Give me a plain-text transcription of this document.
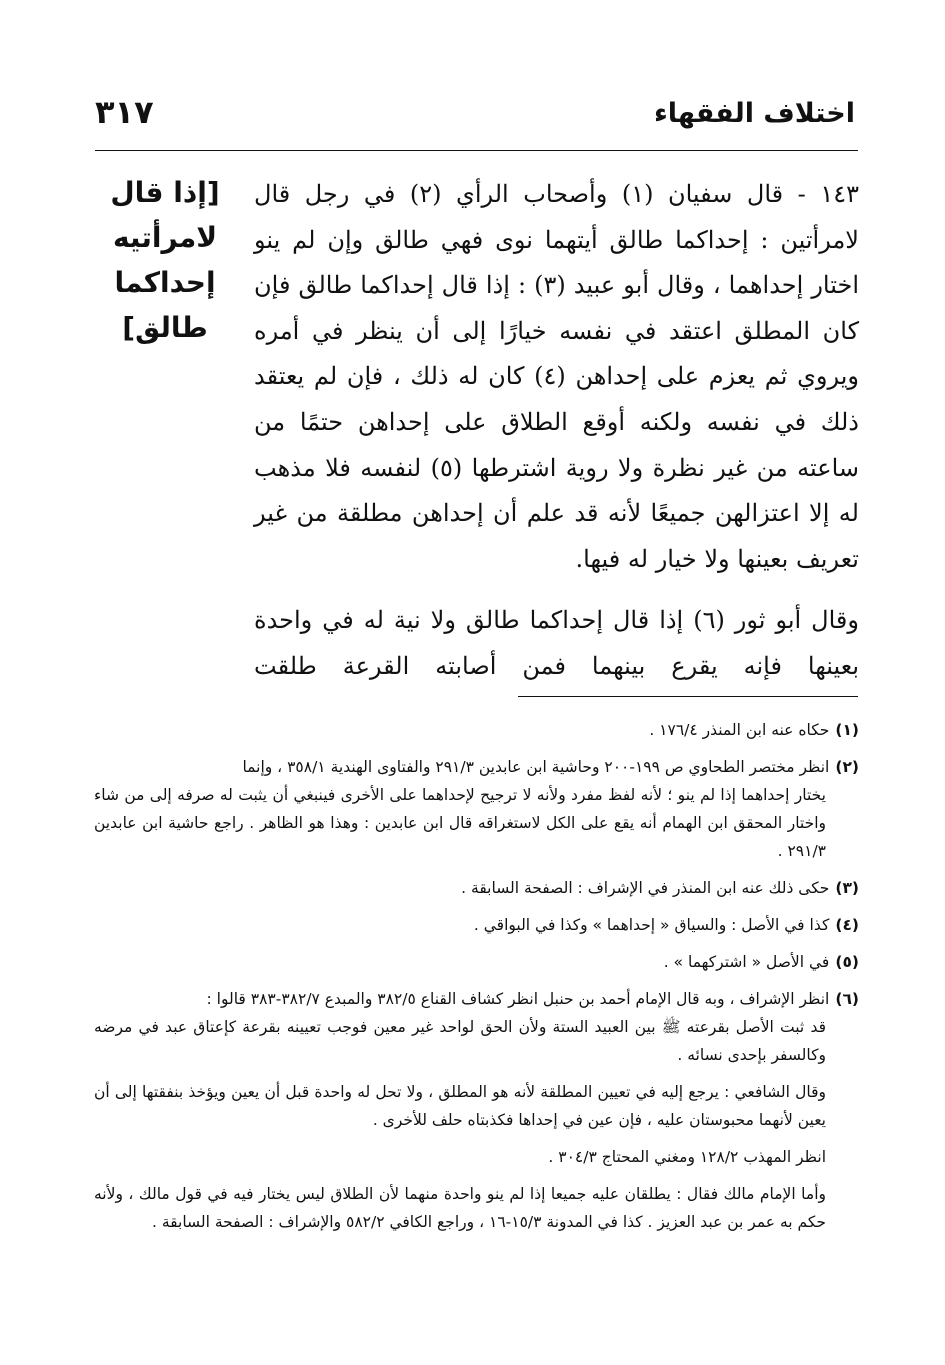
اختلاف الفقهاء
٣١٧
[إذا قال لامرأتيه إحداكما طالق]

١٤٣ - قال سفيان (١) وأصحاب الرأي (٢) في رجل قال لامرأتين : إحداكما طالق أيتهما نوى فهي طالق وإن لم ينو اختار إحداهما ، وقال أبو عبيد (٣) : إذا قال إحداكما طالق فإن كان المطلق اعتقد في نفسه خيارًا إلى أن ينظر في أمره ويروي ثم يعزم على إحداهن (٤) كان له ذلك ، فإن لم يعتقد ذلك في نفسه ولكنه أوقع الطلاق على إحداهن حتمًا من ساعته من غير نظرة ولا روية اشترطها (٥) لنفسه فلا مذهب له إلا اعتزالهن جميعًا لأنه قد علم أن إحداهن مطلقة من غير تعريف بعينها ولا خيار له فيها.

وقال أبو ثور (٦) إذا قال إحداكما طالق ولا نية له في واحدة بعينها فإنه يقرع بينهما فمن أصابته القرعة طلقت

(١)حكاه عنه ابن المنذر ١٧٦/٤ .
(٢)انظر مختصر الطحاوي ص ١٩٩-٢٠٠ وحاشية ابن عابدين ٢٩١/٣ والفتاوى الهندية ٣٥٨/١ ، وإنما
يختار إحداهما إذا لم ينو ؛ لأنه لفظ مفرد ولأنه لا ترجيح لإحداهما على الأخرى فينبغي أن يثبت له صرفه إلى من شاء واختار المحقق ابن الهمام أنه يقع على الكل لاستغراقه قال ابن عابدين : وهذا هو الظاهر . راجع حاشية ابن عابدين ٢٩١/٣ .
(٣)حكى ذلك عنه ابن المنذر في الإشراف : الصفحة السابقة .
(٤)كذا في الأصل : والسياق « إحداهما » وكذا في البواقي .
(٥)في الأصل « اشتركهما » .
(٦)انظر الإشراف ، وبه قال الإمام أحمد بن حنبل انظر كشاف القناع ٣٨٢/٥ والمبدع ٣٨٢/٧-٣٨٣ قالوا :
قد ثبت الأصل بقرعته ﷺ بين العبيد الستة ولأن الحق لواحد غير معين فوجب تعيينه بقرعة كإعتاق عبد في مرضه وكالسفر بإحدى نسائه .
وقال الشافعي : يرجع إليه في تعيين المطلقة لأنه هو المطلق ، ولا تحل له واحدة قبل أن يعين ويؤخذ بنفقتها إلى أن يعين لأنهما محبوستان عليه ، فإن عين في إحداها فكذبتاه حلف للأخرى .
انظر المهذب ١٢٨/٢ ومغني المحتاج ٣٠٤/٣ .
وأما الإمام مالك فقال : يطلقان عليه جميعا إذا لم ينو واحدة منهما لأن الطلاق ليس يختار فيه في قول مالك ، ولأنه حكم به عمر بن عبد العزيز . كذا في المدونة ١٥/٣-١٦ ، وراجع الكافي ٥٨٢/٢ والإشراف : الصفحة السابقة .
